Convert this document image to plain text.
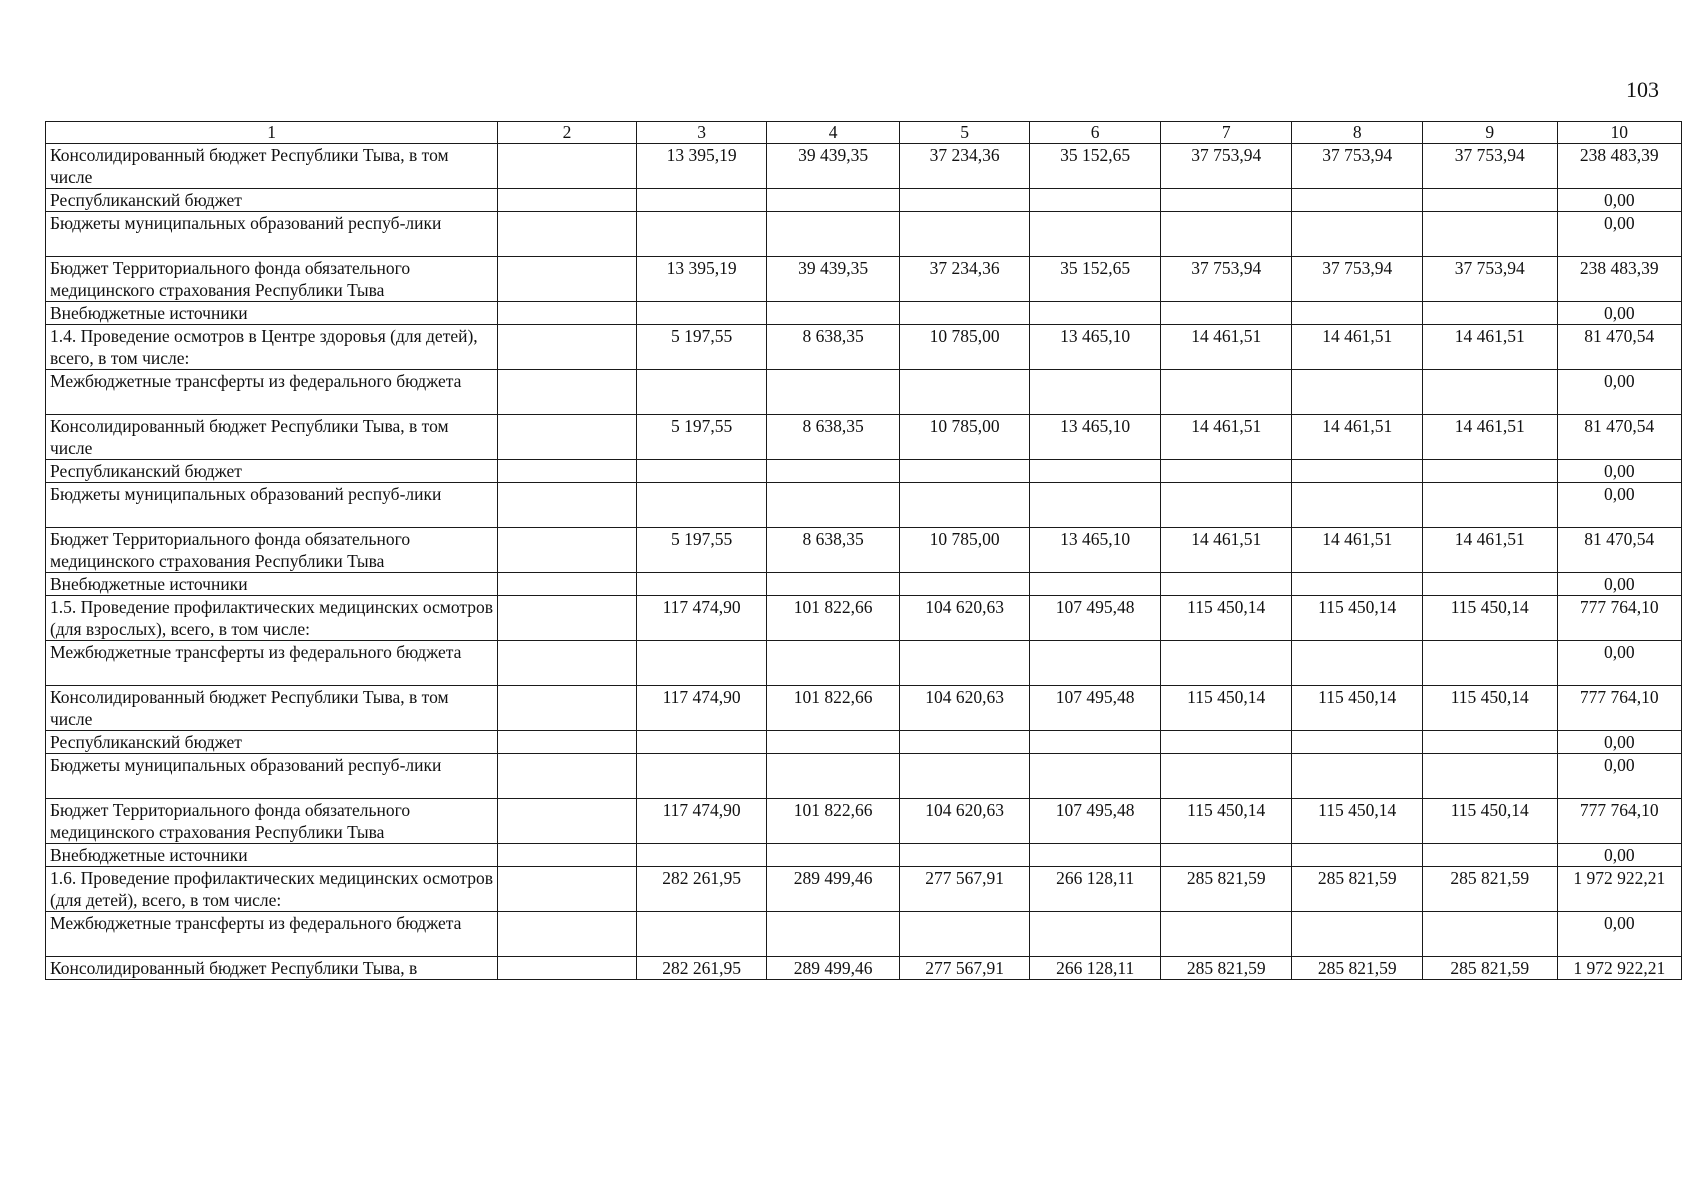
103
1	2	3	4	5	6	7	8	9	10
Консолидированный бюджет Республики Тыва, в том числе		13 395,19	39 439,35	37 234,36	35 152,65	37 753,94	37 753,94	37 753,94	238 483,39
Республиканский бюджет									0,00
Бюджеты муниципальных образований респуб-лики									0,00
Бюджет Территориального фонда обязательного медицинского страхования Республики Тыва		13 395,19	39 439,35	37 234,36	35 152,65	37 753,94	37 753,94	37 753,94	238 483,39
Внебюджетные источники									0,00
1.4. Проведение осмотров в Центре здоровья (для детей), всего, в том числе:		5 197,55	8 638,35	10 785,00	13 465,10	14 461,51	14 461,51	14 461,51	81 470,54
Межбюджетные трансферты из федерального бюджета									0,00
Консолидированный бюджет Республики Тыва, в том числе		5 197,55	8 638,35	10 785,00	13 465,10	14 461,51	14 461,51	14 461,51	81 470,54
Республиканский бюджет									0,00
Бюджеты муниципальных образований респуб-лики									0,00
Бюджет Территориального фонда обязательного медицинского страхования Республики Тыва		5 197,55	8 638,35	10 785,00	13 465,10	14 461,51	14 461,51	14 461,51	81 470,54
Внебюджетные источники									0,00
1.5. Проведение профилактических медицинских осмотров (для взрослых), всего, в том числе:		117 474,90	101 822,66	104 620,63	107 495,48	115 450,14	115 450,14	115 450,14	777 764,10
Межбюджетные трансферты из федерального бюджета									0,00
Консолидированный бюджет Республики Тыва, в том числе		117 474,90	101 822,66	104 620,63	107 495,48	115 450,14	115 450,14	115 450,14	777 764,10
Республиканский бюджет									0,00
Бюджеты муниципальных образований респуб-лики									0,00
Бюджет Территориального фонда обязательного медицинского страхования Республики Тыва		117 474,90	101 822,66	104 620,63	107 495,48	115 450,14	115 450,14	115 450,14	777 764,10
Внебюджетные источники									0,00
1.6. Проведение профилактических медицинских осмотров (для детей), всего, в том числе:		282 261,95	289 499,46	277 567,91	266 128,11	285 821,59	285 821,59	285 821,59	1 972 922,21
Межбюджетные трансферты из федерального бюджета									0,00
Консолидированный бюджет Республики Тыва, в		282 261,95	289 499,46	277 567,91	266 128,11	285 821,59	285 821,59	285 821,59	1 972 922,21
